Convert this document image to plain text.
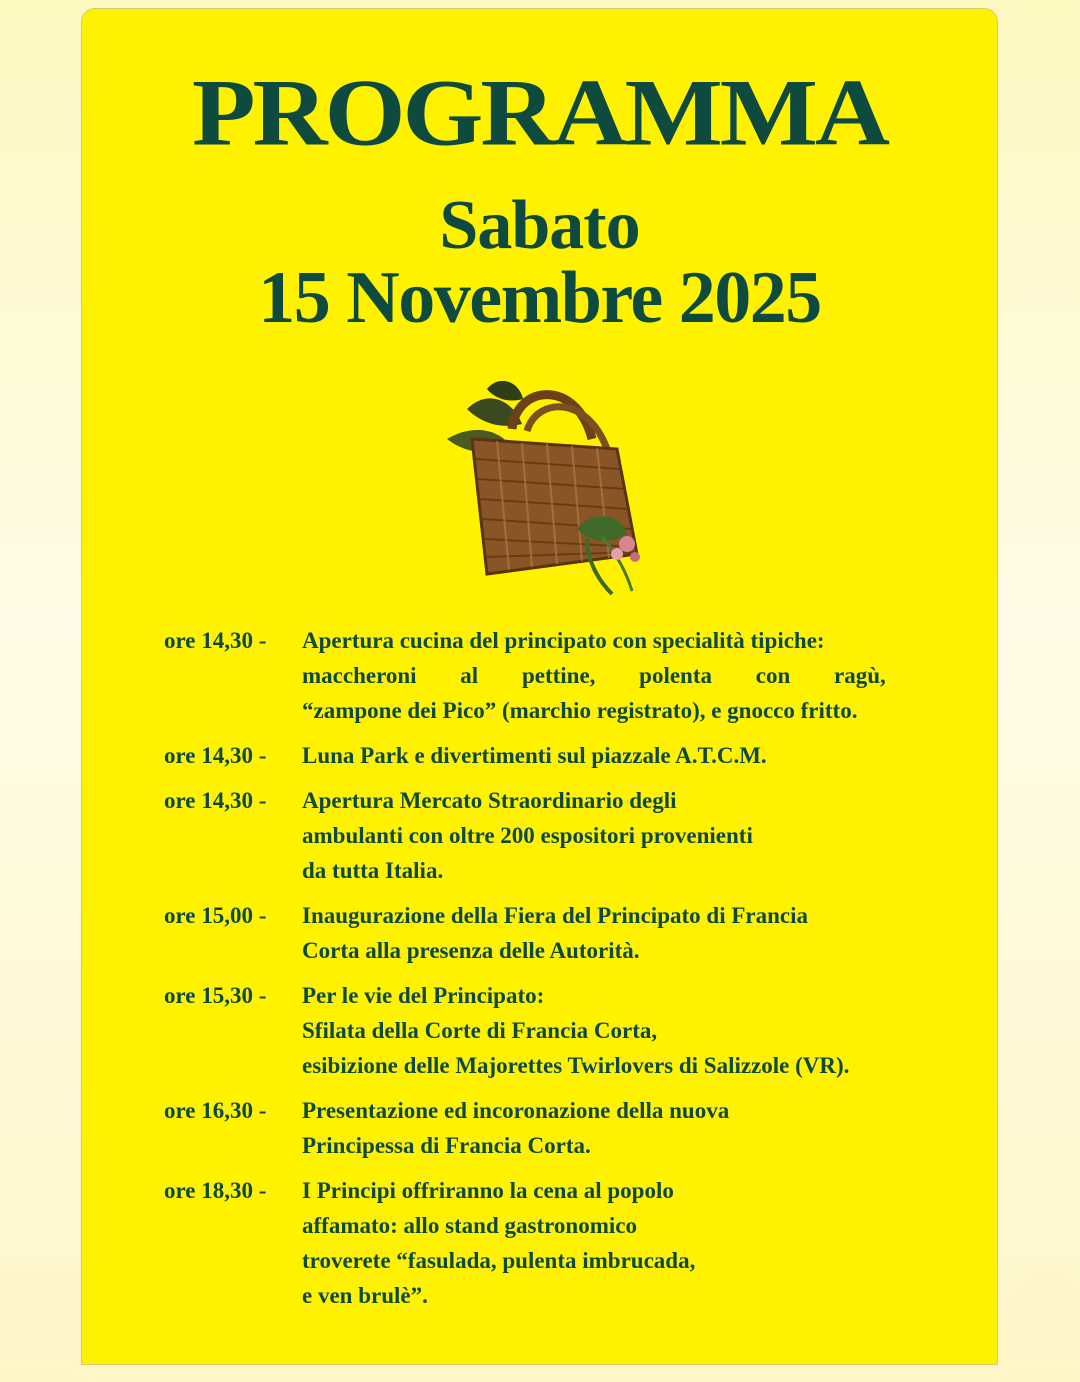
PROGRAMMA
Sabato
15 Novembre 2025
ore 14,30 -	Apertura cucina del principato con specialità tipiche:
maccheroni al pettine, polenta con ragù,
“zampone dei Pico” (marchio registrato), e gnocco fritto.
ore 14,30 -	Luna Park e divertimenti sul piazzale A.T.C.M.
ore 14,30 -	Apertura Mercato Straordinario degli
ambulanti con oltre 200 espositori provenienti
da tutta Italia.
ore 15,00 -	Inaugurazione della Fiera del Principato di Francia
Corta alla presenza delle Autorità.
ore 15,30 -	Per le vie del Principato:
Sfilata della Corte di Francia Corta,
esibizione delle Majorettes Twirlovers di Salizzole (VR).
ore 16,30 -	Presentazione ed incoronazione della nuova
Principessa di Francia Corta.
ore 18,30 -	I Principi offriranno la cena al popolo
affamato: allo stand gastronomico
troverete “fasulada, pulenta imbrucada,
e ven brulè”.
